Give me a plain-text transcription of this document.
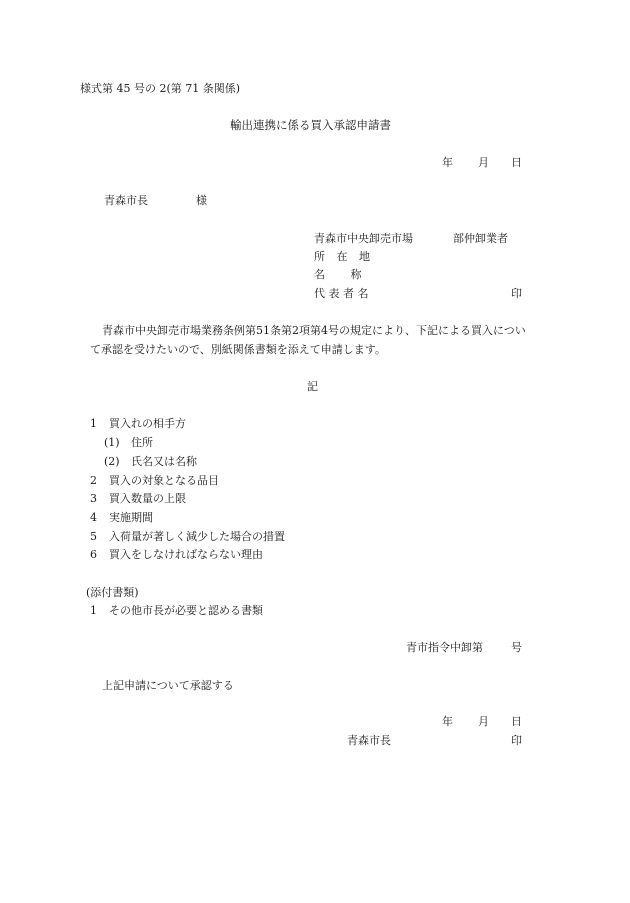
様式第 45 号の 2(第 71 条関係)
輸出連携に係る買入承認申請書
年 月 日
青森市長	様
青森市中央卸売市場	部仲卸業者
所 在 地
名 称
代 表 者 名	印
青森市中央卸売市場業務条例第51条第2項第4号の規定により、下記による買入につい
て承認を受けたいので、別紙関係書類を添えて申請します。
記
1 買入れの相手方
(1) 住所
(2) 氏名又は名称
2 買入の対象となる品目
3 買入数量の上限
4 実施期間
5 入荷量が著しく減少した場合の措置
6 買入をしなければならない理由
(添付書類)
1 その他市長が必要と認める書類
青市指令中卸第	号
上記申請について承認する
年 月 日
青森市長	印
